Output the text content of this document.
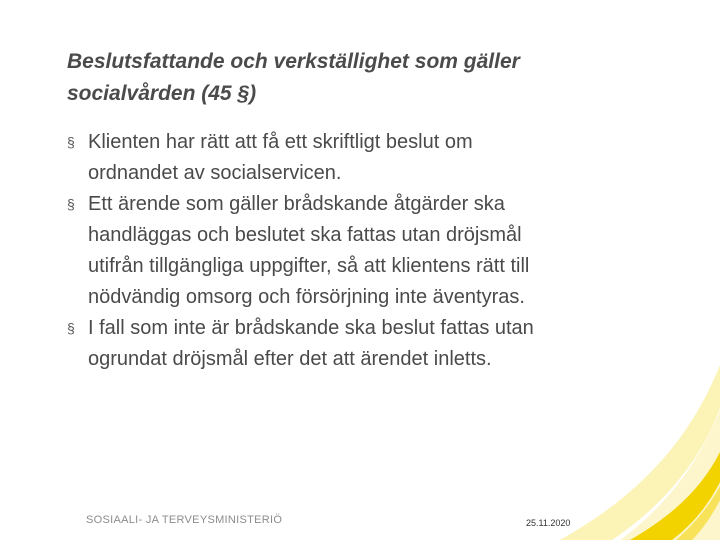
Beslutsfattande och verkställighet som gäller
socialvården (45 §)
§ Klienten har rätt att få ett skriftligt beslut om
ordnandet av socialservicen.
§ Ett ärende som gäller brådskande åtgärder ska
handläggas och beslutet ska fattas utan dröjsmål
utifrån tillgängliga uppgifter, så att klientens rätt till
nödvändig omsorg och försörjning inte äventyras.
§ I fall som inte är brådskande ska beslut fattas utan
ogrundat dröjsmål efter det att ärendet inletts.
SOSIAALI- JA TERVEYSMINISTERIÖ	25.11.2020
